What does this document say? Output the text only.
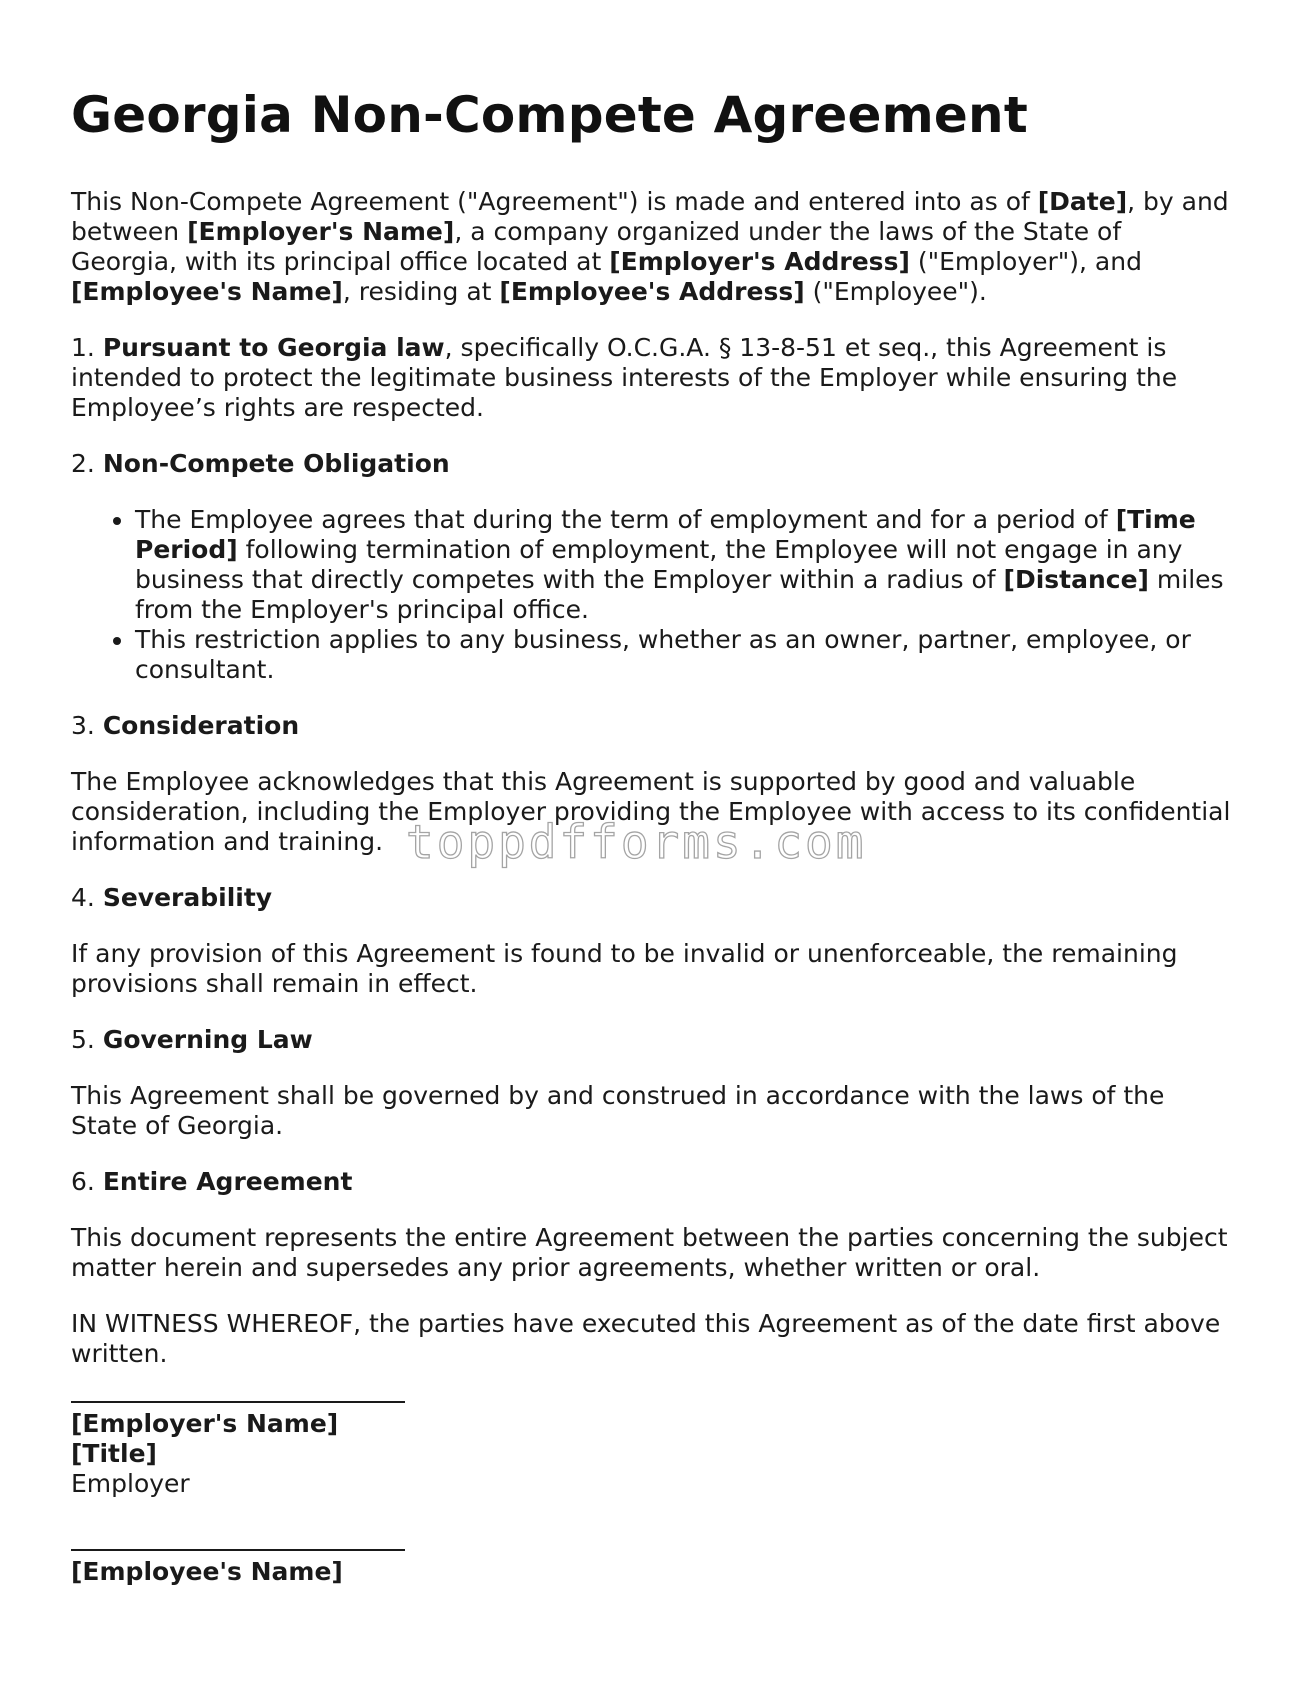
Georgia Non-Compete Agreement

This Non-Compete Agreement ("Agreement") is made and entered into as of [Date], by and between [Employer's Name], a company organized under the laws of the State of Georgia, with its principal office located at [Employer's Address] ("Employer"), and [Employee's Name], residing at [Employee's Address] ("Employee").

1. Pursuant to Georgia law, specifically O.C.G.A. § 13-8-51 et seq., this Agreement is intended to protect the legitimate business interests of the Employer while ensuring the Employee’s rights are respected.

2. Non-Compete Obligation

• The Employee agrees that during the term of employment and for a period of [Time Period] following termination of employment, the Employee will not engage in any business that directly competes with the Employer within a radius of [Distance] miles from the Employer's principal office.
• This restriction applies to any business, whether as an owner, partner, employee, or consultant.

3. Consideration

The Employee acknowledges that this Agreement is supported by good and valuable consideration, including the Employer providing the Employee with access to its confidential information and training.

4. Severability

If any provision of this Agreement is found to be invalid or unenforceable, the remaining provisions shall remain in effect.

5. Governing Law

This Agreement shall be governed by and construed in accordance with the laws of the State of Georgia.

6. Entire Agreement

This document represents the entire Agreement between the parties concerning the subject matter herein and supersedes any prior agreements, whether written or oral.

IN WITNESS WHEREOF, the parties have executed this Agreement as of the date first above written.

[Employer's Name]

[Title]

Employer

[Employee's Name]

toppdfforms.com
